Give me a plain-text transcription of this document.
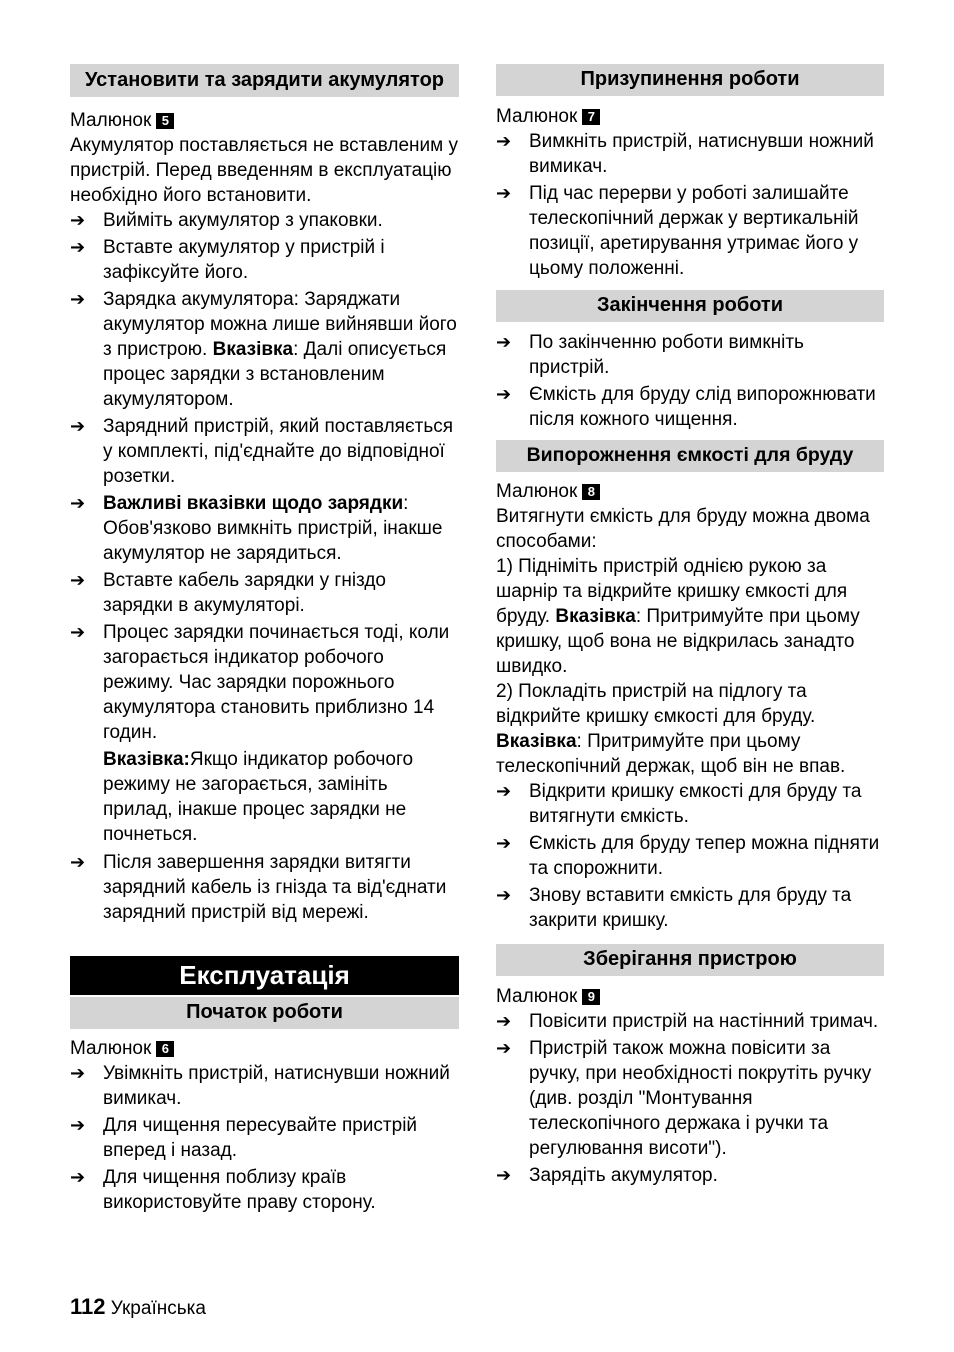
Установити та зарядити акумулятор

Малюнок 5

Акумулятор поставляється не вставленим у пристрій. Перед введенням в експлуатацію необхідно його встановити.

➔ Вийміть акумулятор з упаковки.
➔ Вставте акумулятор у пристрій і зафіксуйте його.
➔ Зарядка акумулятора: Заряджати акумулятор можна лише вийнявши його з пристрою. Вказівка: Далі описується процес зарядки з встановленим акумулятором.
➔ Зарядний пристрій, який поставляється у комплекті, під'єднайте до відповідної розетки.
➔ Важливі вказівки щодо зарядки: Обов'язково вимкніть пристрій, інакше акумулятор не зарядиться.
➔ Вставте кабель зарядки у гніздо зарядки в акумуляторі.
➔ Процес зарядки починається тоді, коли загорається індикатор робочого режиму. Час зарядки порожнього акумулятора становить приблизно 14 годин.

Вказівка:Якщо індикатор робочого режиму не загорається, замініть прилад, інакше процес зарядки не почнеться.

➔ Після завершення зарядки витягти зарядний кабель із гнізда та від'єднати зарядний пристрій від мережі.
Експлуатація
Початок роботи

Малюнок 6

➔ Увімкніть пристрій, натиснувши ножний вимикач.
➔ Для чищення пересувайте пристрій вперед і назад.
➔ Для чищення поблизу країв використовуйте праву сторону.
Призупинення роботи

Малюнок 7

➔ Вимкніть пристрій, натиснувши ножний вимикач.
➔ Під час перерви у роботі залишайте телескопічний держак у вертикальній позиції, аретирування утримає його у цьому положенні.
Закінчення роботи
➔ По закінченню роботи вимкніть пристрій.
➔ Ємкість для бруду слід випорожнювати після кожного чищення.
Випорожнення ємкості для бруду

Малюнок 8

Витягнути ємкість для бруду можна двома способами:

1) Підніміть пристрій однією рукою за шарнір та відкрийте кришку ємкості для бруду. Вказівка: Притримуйте при цьому кришку, щоб вона не відкрилась занадто швидко.

2) Покладіть пристрій на підлогу та відкрийте кришку ємкості для бруду.

Вказівка: Притримуйте при цьому телескопічний держак, щоб він не впав.

➔ Відкрити кришку ємкості для бруду та витягнути ємкість.
➔ Ємкість для бруду тепер можна підняти та спорожнити.
➔ Знову вставити ємкість для бруду та закрити кришку.
Зберігання пристрою

Малюнок 9

➔ Повісити пристрій на настінний тримач.
➔ Пристрій також можна повісити за ручку, при необхідності покрутіть ручку (див. розділ "Монтування телескопічного держака і ручки та регулювання висоти").
➔ Зарядіть акумулятор.
112 Українська
